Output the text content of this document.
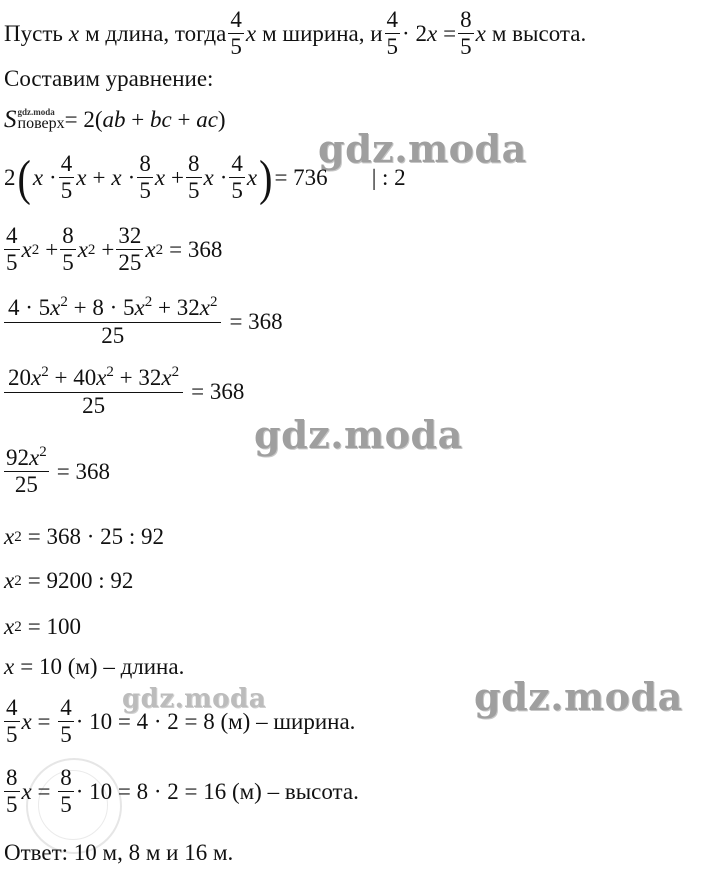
gdz.moda
gdz.moda
gdz.moda
gdz.moda
Пусть x м длина, тогда $\frac{4}{5}$ x м ширина, и $\frac{4}{5} \cdot 2$ $x = \frac{8}{5}$ x м высота.
Составим уравнение:
S gdz.moda
поверх = 2( ab + bc + ac )
2 ( $x \cdot \frac{4}{5}$ $x + x \cdot \frac{8}{5}$ $x + \frac{8}{5}$ $x \cdot \frac{4}{5}$ x ) = 736 | : 2
$\frac{4}{5}$ x $2 + \frac{8}{5}$ x $2 + \frac{32}{25}$ x 2 = 368
$\frac{4 \cdot 5x^2 + 8 \cdot 5x^2 + 32x^2}{25} = 368$
$\frac{20x^2 + 40x^2 + 32x^2}{25} = 368$
$\frac{92x^2}{25} = 368$
x 2 = 368 · 25 : 92
x 2 = 9200 : 92
x 2 = 100
x = 10 (м) – длина.
$\frac{4}{5}$ $x = \frac{4}{5} \cdot 10 = 4 \cdot 2 = 8$ (м) – ширина.
$\frac{8}{5}$ $x = \frac{8}{5} \cdot 10 = 8 \cdot 2 = 16$ (м) – высота.
Ответ: 10 м, 8 м и 16 м.
